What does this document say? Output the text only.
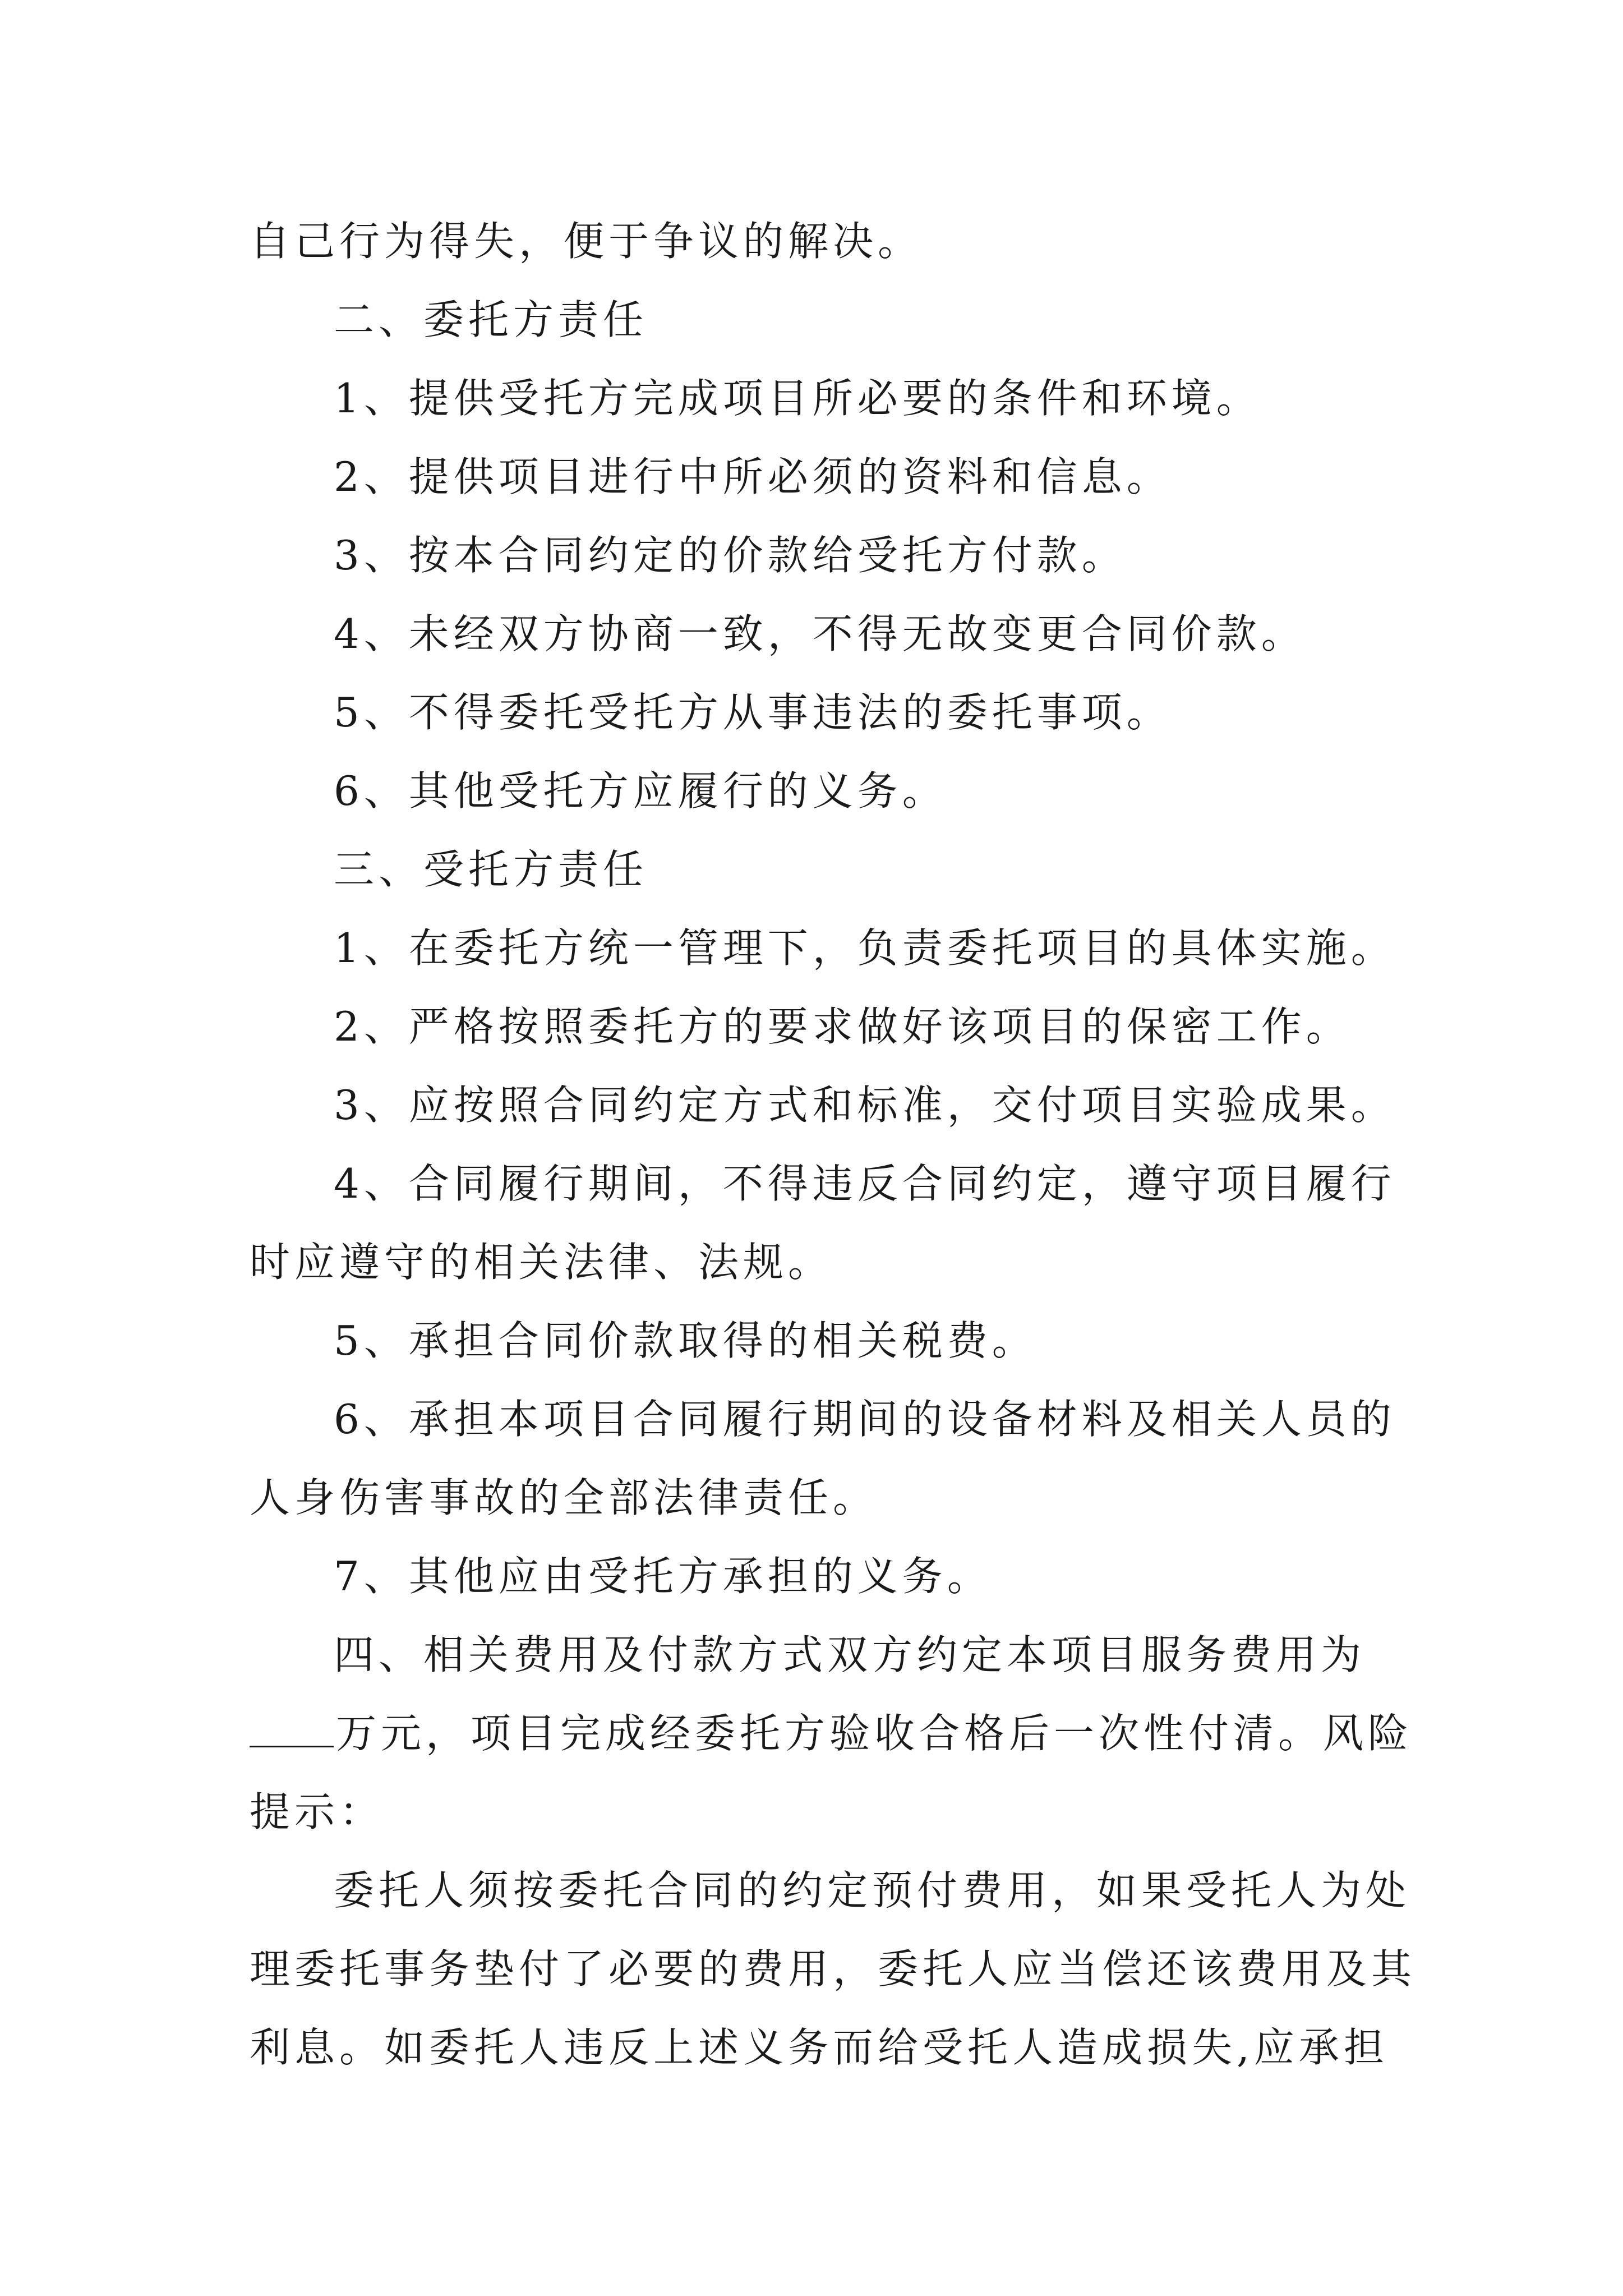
自己行为得失，便于争议的解决。
二、委托方责任
1、提供受托方完成项目所必要的条件和环境。
2、提供项目进行中所必须的资料和信息。
3、按本合同约定的价款给受托方付款。
4、未经双方协商一致，不得无故变更合同价款。
5、不得委托受托方从事违法的委托事项。
6、其他受托方应履行的义务。
三、受托方责任
1、在委托方统一管理下，负责委托项目的具体实施。
2、严格按照委托方的要求做好该项目的保密工作。
3、应按照合同约定方式和标准，交付项目实验成果。
4、合同履行期间，不得违反合同约定，遵守项目履行
时应遵守的相关法律、法规。
5、承担合同价款取得的相关税费。
6、承担本项目合同履行期间的设备材料及相关人员的
人身伤害事故的全部法律责任。
7、其他应由受托方承担的义务。
四、相关费用及付款方式双方约定本项目服务费用为
万元，项目完成经委托方验收合格后一次性付清。风险
提示：
委托人须按委托合同的约定预付费用，如果受托人为处
理委托事务垫付了必要的费用，委托人应当偿还该费用及其
利息。如委托人违反上述义务而给受托人造成损失,应承担
